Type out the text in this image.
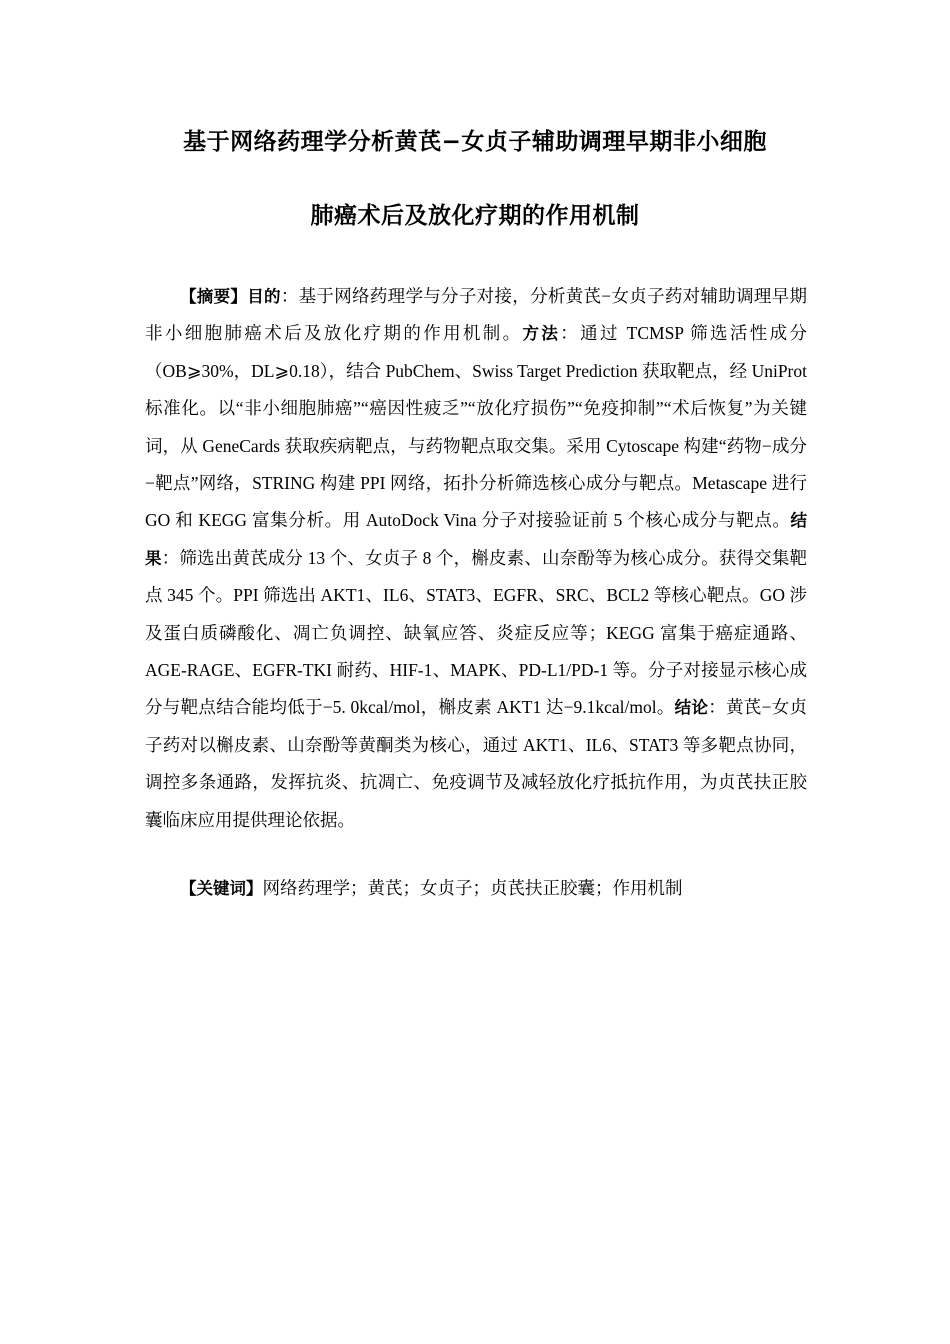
基于网络药理学分析黄芪−女贞子辅助调理早期非小细胞
肺癌术后及放化疗期的作用机制

【摘要】目的：基于网络药理学与分子对接，分析黄芪−女贞子药对辅助调理早期非小细胞肺癌术后及放化疗期的作用机制。方法：通过 TCMSP 筛选活性成分（OB⩾30%，DL⩾0.18），结合 PubChem、Swiss Target Prediction 获取靶点，经 UniProt 标准化。以“非小细胞肺癌”“癌因性疲乏”“放化疗损伤”“免疫抑制”“术后恢复”为关键词，从 GeneCards 获取疾病靶点，与药物靶点取交集。采用 Cytoscape 构建“药物−成分−靶点”网络，STRING 构建 PPI 网络，拓扑分析筛选核心成分与靶点。Metascape 进行 GO 和 KEGG 富集分析。用 AutoDock Vina 分子对接验证前 5 个核心成分与靶点。结果：筛选出黄芪成分 13 个、女贞子 8 个，槲皮素、山奈酚等为核心成分。获得交集靶点 345 个。PPI 筛选出 AKT1、IL6、STAT3、EGFR、SRC、BCL2 等核心靶点。GO 涉及蛋白质磷酸化、凋亡负调控、缺氧应答、炎症反应等；KEGG 富集于癌症通路、AGE-RAGE、EGFR-TKI 耐药、HIF-1、MAPK、PD-L1/PD-1 等。分子对接显示核心成分与靶点结合能均低于−5. 0kcal/mol，槲皮素 AKT1 达−9.1kcal/mol。结论：黄芪−女贞子药对以槲皮素、山奈酚等黄酮类为核心，通过 AKT1、IL6、STAT3 等多靶点协同，调控多条通路，发挥抗炎、抗凋亡、免疫调节及减轻放化疗抵抗作用，为贞芪扶正胶囊临床应用提供理论依据。

【关键词】网络药理学；黄芪；女贞子；贞芪扶正胶囊；作用机制
